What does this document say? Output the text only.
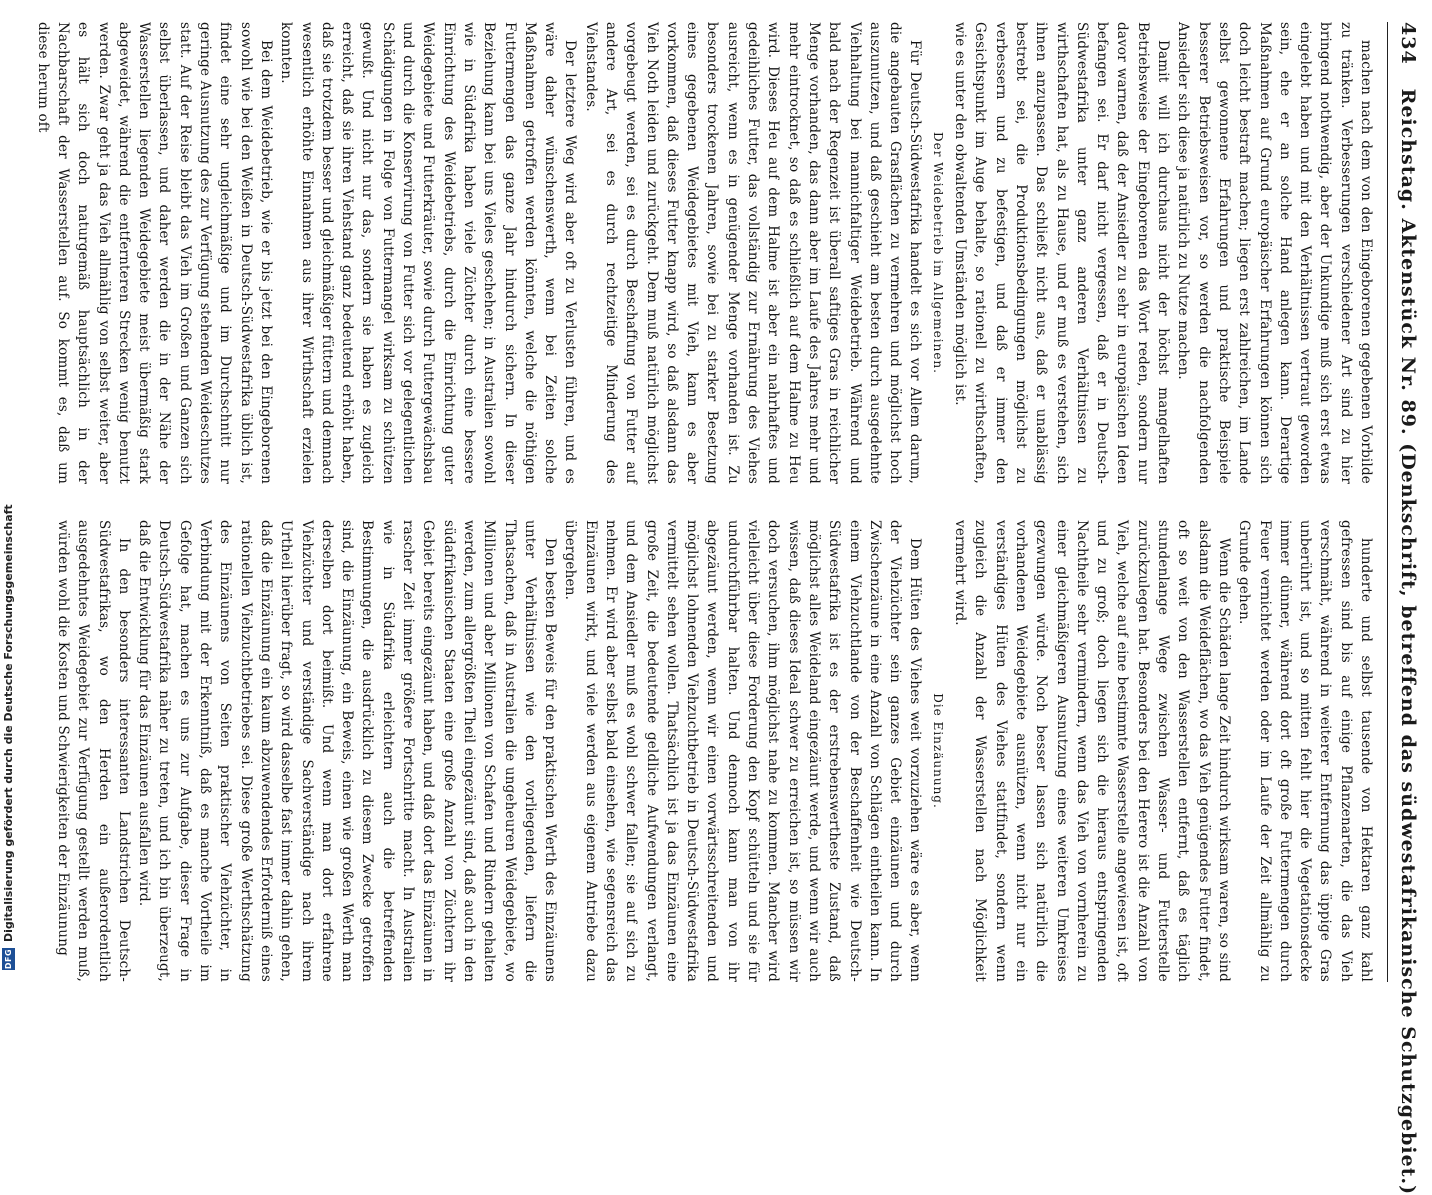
DFG
Digitalisierung gefördert durch die Deutsche Forschungsgemeinschaft
434
Reichstag. Aktenstück Nr. 89. (Denkschrift, betreffend das südwestafrikanische Schutzgebiet.)

machen nach dem von den Eingeborenen gegebenen Vorbilde zu tränken. Verbesserungen verschiedener Art sind zu hier bringend nothwendig, aber der Unkundige muß sich erst etwas eingelebt haben und mit den Verhältnissen vertraut geworden sein, ehe er an solche Hand anlegen kann. Derartige Maßnahmen auf Grund europäischer Erfahrungen können sich doch leicht bestraft machen; liegen erst zahlreichen, im Lande selbst gewonnene Erfahrungen und praktische Beispiele besserer Betriebsweisen vor, so werden die nachfolgenden Ansiedler sich diese ja natürlich zu Nutze machen.

Damit will ich durchaus nicht der höchst mangelhaften Betriebsweise der Eingeborenen das Wort reden, sondern nur davor warnen, daß der Ansiedler zu sehr in europäischen Ideen befangen sei. Er darf nicht vergessen, daß er in Deutsch-Südwestafrika unter ganz anderen Verhältnissen zu wirthschaften hat, als zu Hause, und er muß es verstehen, sich ihnen anzupassen. Das schließt nicht aus, daß er unablässig bestrebt sei, die Produktionsbedingungen möglichst zu verbessern und zu befestigen, und daß er immer den Gesichtspunkt im Auge behalte, so rationell zu wirthschaften, wie es unter den obwaltenden Umständen möglich ist.

Der Weidebetrieb im Allgemeinen.

Für Deutsch-Südwestafrika handelt es sich vor Allem darum, die angebauten Grasflächen zu vermehren und möglichst hoch auszunutzen, und daß geschieht am besten durch ausgedehnte Viehhaltung bei mannichfaltiger Weidebetrieb. Während und bald nach der Regenzeit ist überall saftiges Gras in reichlicher Menge vorhanden, das dann aber im Laufe des Jahres mehr und mehr eintrocknet, so daß es schließlich auf dem Halme zu Heu wird. Dieses Heu auf dem Halme ist aber ein nahrhaftes und gedeihliches Futter, das vollständig zur Ernährung des Viehes ausreicht, wenn es in genügender Menge vorhanden ist. Zu besonders trockenen Jahren, sowie bei zu starker Besetzung eines gegebenen Weidegebietes mit Vieh, kann es aber vorkommen, daß dieses Futter knapp wird, so daß alsdann das Vieh Noth leiden und zurückgeht. Dem muß natürlich möglichst vorgebeugt werden, sei es durch Beschaffung von Futter auf andere Art, sei es durch rechtzeitige Minderung des Viehstandes.

Der letztere Weg wird aber oft zu Verlusten führen, und es wäre daher wünschenswerth, wenn bei Zeiten solche Maßnahmen getroffen werden könnten, welche die nöthigen Futtermengen das ganze Jahr hindurch sichern. In dieser Beziehung kann bei uns Vieles geschehen; in Australien sowohl wie in Südafrika haben viele Züchter durch eine bessere Einrichtung des Weidebetriebs, durch die Einrichtung guter Weidegebiete und Futterkräuter, sowie durch Futtergewächsbau und durch die Konservirung von Futter sich vor gelegentlichen Schädigungen in Folge von Futtermangel wirksam zu schützen gewußt. Und nicht nur das, sondern sie haben es zugleich erreicht, daß sie ihren Viehstand ganz bedeutend erhöht haben, daß sie trotzdem besser und gleichmäßiger füttern und demnach wesentlich erhöhte Einnahmen aus ihrer Wirthschaft erzielen konnten.

Bei dem Weidebetrieb, wie er bis jetzt bei den Eingeborenen sowohl wie bei den Weißen in Deutsch-Südwestafrika üblich ist, findet eine sehr ungleichmäßige und im Durchschnitt nur geringe Ausnutzung des zur Verfügung stehenden Weideschutzes statt. Auf der Reise bleibt das Vieh im Großen und Ganzen sich selbst überlassen, und daher werden die in der Nähe der Wasserstellen liegenden Weidegebiete meist übermäßig stark abgeweidet, während die entfernteren Strecken wenig benutzt werden. Zwar geht ja das Vieh allmählig von selbst weiter, aber es hält sich doch naturgemäß hauptsächlich in der Nachbarschaft der Wasserstellen auf. So kommt es, daß um diese herum oft

hunderte und selbst tausende von Hektaren ganz kahl gefressen sind bis auf einige Pflanzenarten, die das Vieh verschmäht, während in weiterer Entfernung das üppige Gras unberührt ist, und so mitten fehlt hier die Vegetationsdecke immer dünner, während dort oft große Futtermengen durch Feuer vernichtet werden oder im Laufe der Zeit allmählig zu Grunde gehen.

Wenn die Schäden lange Zeit hindurch wirksam waren, so sind alsdann die Weideflächen, wo das Vieh genügendes Futter findet, oft so weit von den Wasserstellen entfernt, daß es täglich stundenlange Wege zwischen Wasser- und Futterstelle zurückzulegen hat. Besonders bei den Herero ist die Anzahl von Vieh, welche auf eine bestimmte Wasserstelle angewiesen ist, oft und zu groß; doch liegen sich die hieraus entspringenden Nachtheile sehr vermindern, wenn das Vieh von vornherein zu einer gleichmäßigeren Ausnutzung eines weiteren Umkreises gezwungen würde. Noch besser lassen sich natürlich die vorhandenen Weidegebiete ausnützen, wenn nicht nur ein verständiges Hüten des Viehes stattfindet, sondern wenn zugleich die Anzahl der Wasserstellen nach Möglichkeit vermehrt wird.

Die Einzäunung.

Dem Hüten des Viehes weit vorzuziehen wäre es aber, wenn der Viehzüchter sein ganzes Gebiet einzäunen und durch Zwischenzäune in eine Anzahl von Schlägen eintheilen kann. In einem Viehzuchtlande von der Beschaffenheit wie Deutsch-Südwestafrika ist es der erstrebenswertheste Zustand, daß möglichst alles Weideland eingezäunt werde, und wenn wir auch wissen, daß dieses Ideal schwer zu erreichen ist, so müssen wir doch versuchen, ihm möglichst nahe zu kommen. Mancher wird vielleicht über diese Forderung den Kopf schütteln und sie für undurchführbar halten. Und dennoch kann man von ihr abgezäunt werden, wenn wir einen vorwärtsschreitenden und möglichst lohnenden Viehzuchtbetrieb in Deutsch-Südwestafrika vermittelt sehen wollen. Thatsächlich ist ja das Einzäunen eine große Zeit, die bedeutende geldliche Aufwendungen verlangt, und dem Ansiedler muß es wohl schwer fallen; sie auf sich zu nehmen. Er wird aber selbst bald einsehen, wie segensreich das Einzäunen wirkt, und viele werden aus eigenem Antriebe dazu übergehen.

Den besten Beweis für den praktischen Werth des Einzäunens unter Verhältnissen wie den vorliegenden, liefern die Thatsachen, daß in Australien die ungeheuren Weidegebiete, wo Millionen und aber Millionen von Schafen und Rindern gehalten werden, zum allergrößten Theil eingezäunt sind, daß auch in den südafrikanischen Staaten eine große Anzahl von Züchtern ihr Gebiet bereits eingezäunt haben, und daß dort das Einzäunen in rascher Zeit immer größere Fortschritte macht. In Australien wie in Südafrika erleichtern auch die betreffenden Bestimmungen, die ausdrücklich zu diesem Zwecke getroffen sind, die Einzäunung, ein Beweis, einen wie großen Werth man derselben dort beimißt. Und wenn man dort erfahrene Viehzüchter und verständige Sachverständige nach ihrem Urtheil hierüber fragt, so wird dasselbe fast immer dahin gehen, daß die Einzäunung ein kaum abzuwendendes Erforderniß eines rationellen Viehzuchtbetriebes sei. Diese große Werthschätzung des Einzäunens von Seiten praktischer Viehzüchter, in Verbindung mit der Erkenntniß, daß es manche Vortheile im Gefolge hat, machen es uns zur Aufgabe, dieser Frage in Deutsch-Südwestafrika näher zu treten, und ich bin überzeugt, daß die Entwicklung für das Einzäunen ausfallen wird.

In den besonders interessanten Landstrichen Deutsch-Südwestafrikas, wo den Herden ein außerordentlich ausgedehntes Weidegebiet zur Verfügung gestellt werden muß, würden wohl die Kosten und Schwierigkeiten der Einzäunung
